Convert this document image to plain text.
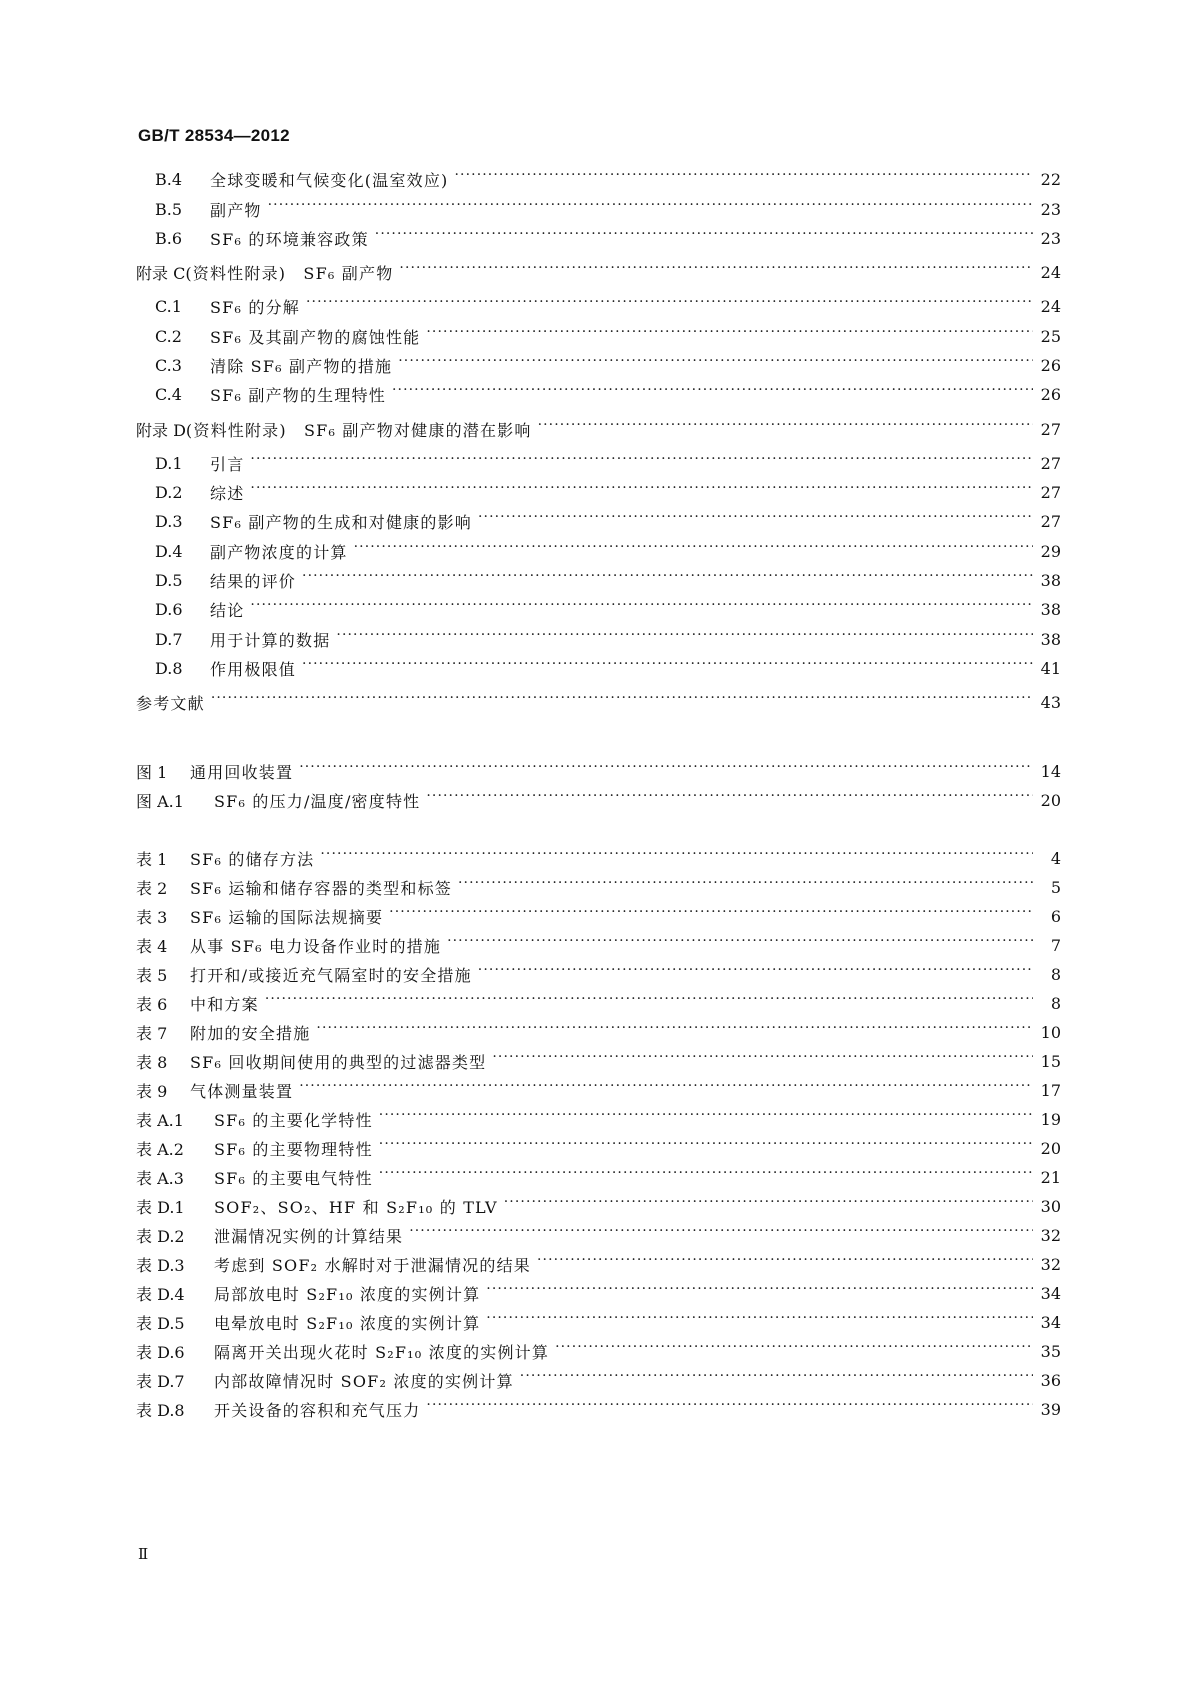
GB/T 28534—2012
B.4	全球变暖和气候变化(温室效应) ·····	22
B.5	副产物 ·····	23
B.6	SF₆ 的环境兼容政策 ·····	23
附录 C (资料性附录)　SF₆ 副产物 ·····	24
C.1	SF₆ 的分解 ·····	24
C.2	SF₆ 及其副产物的腐蚀性能 ·····	25
C.3	清除 SF₆ 副产物的措施 ·····	26
C.4	SF₆ 副产物的生理特性 ·····	26
附录 D (资料性附录)　SF₆ 副产物对健康的潜在影响 ·····	27
D.1	引言 ·····	27
D.2	综述 ·····	27
D.3	SF₆ 副产物的生成和对健康的影响 ·····	27
D.4	副产物浓度的计算 ·····	29
D.5	结果的评价 ·····	38
D.6	结论 ·····	38
D.7	用于计算的数据 ·····	38
D.8	作用极限值 ·····	41
参考文献 ·····	43
图 1	通用回收装置 ·····	14
图 A.1	SF₆ 的压力/温度/密度特性 ·····	20
表 1	SF₆ 的储存方法 ·····	4
表 2	SF₆ 运输和储存容器的类型和标签 ·····	5
表 3	SF₆ 运输的国际法规摘要 ·····	6
表 4	从事 SF₆ 电力设备作业时的措施 ·····	7
表 5	打开和/或接近充气隔室时的安全措施 ·····	8
表 6	中和方案 ·····	8
表 7	附加的安全措施 ·····	10
表 8	SF₆ 回收期间使用的典型的过滤器类型 ·····	15
表 9	气体测量装置 ·····	17
表 A.1	SF₆ 的主要化学特性 ·····	19
表 A.2	SF₆ 的主要物理特性 ·····	20
表 A.3	SF₆ 的主要电气特性 ·····	21
表 D.1	SOF₂、SO₂、HF 和 S₂F₁₀ 的 TLV ·····	30
表 D.2	泄漏情况实例的计算结果 ·····	32
表 D.3	考虑到 SOF₂ 水解时对于泄漏情况的结果 ·····	32
表 D.4	局部放电时 S₂F₁₀ 浓度的实例计算 ·····	34
表 D.5	电晕放电时 S₂F₁₀ 浓度的实例计算 ·····	34
表 D.6	隔离开关出现火花时 S₂F₁₀ 浓度的实例计算 ·····	35
表 D.7	内部故障情况时 SOF₂ 浓度的实例计算 ·····	36
表 D.8	开关设备的容积和充气压力 ·····	39
Ⅱ
